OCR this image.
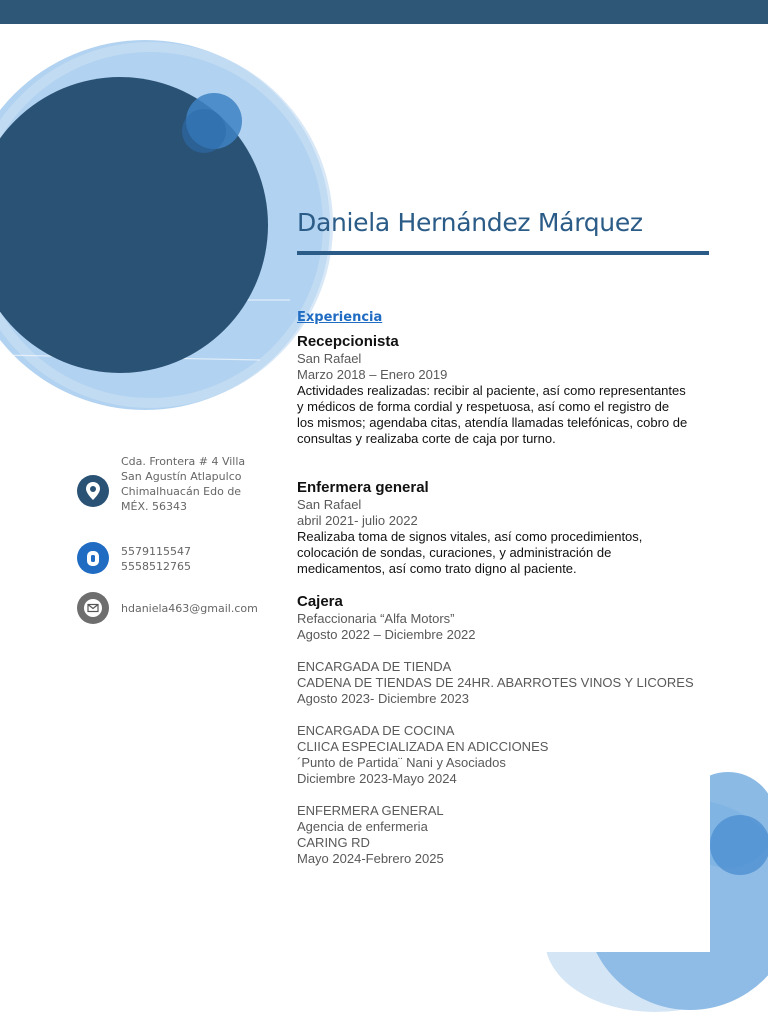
Daniela Hernández Márquez
Cda. Frontera # 4 Villa
San Agustín Atlapulco
Chimalhuacán Edo de
MÉX. 56343
5579115547
5558512765
hdaniela463@gmail.com
Experiencia
Recepcionista
San Rafael
Marzo 2018 – Enero 2019
Actividades realizadas: recibir al paciente, así como representantes
y médicos de forma cordial y respetuosa, así como el registro de
los mismos; agendaba citas, atendía llamadas telefónicas, cobro de
consultas y realizaba corte de caja por turno.
Enfermera general
San Rafael
abril 2021- julio 2022
Realizaba toma de signos vitales, así como procedimientos,
colocación de sondas, curaciones, y administración de
medicamentos, así como trato digno al paciente.
Cajera
Refaccionaria “Alfa Motors”
Agosto 2022 – Diciembre 2022
ENCARGADA DE TIENDA
CADENA DE TIENDAS DE 24HR. ABARROTES VINOS Y LICORES
Agosto 2023- Diciembre 2023
ENCARGADA DE COCINA
CLIICA ESPECIALIZADA EN ADICCIONES
´Punto de Partida¨ Nani y Asociados
Diciembre 2023-Mayo 2024
ENFERMERA GENERAL
Agencia de enfermeria
CARING RD
Mayo 2024-Febrero 2025
